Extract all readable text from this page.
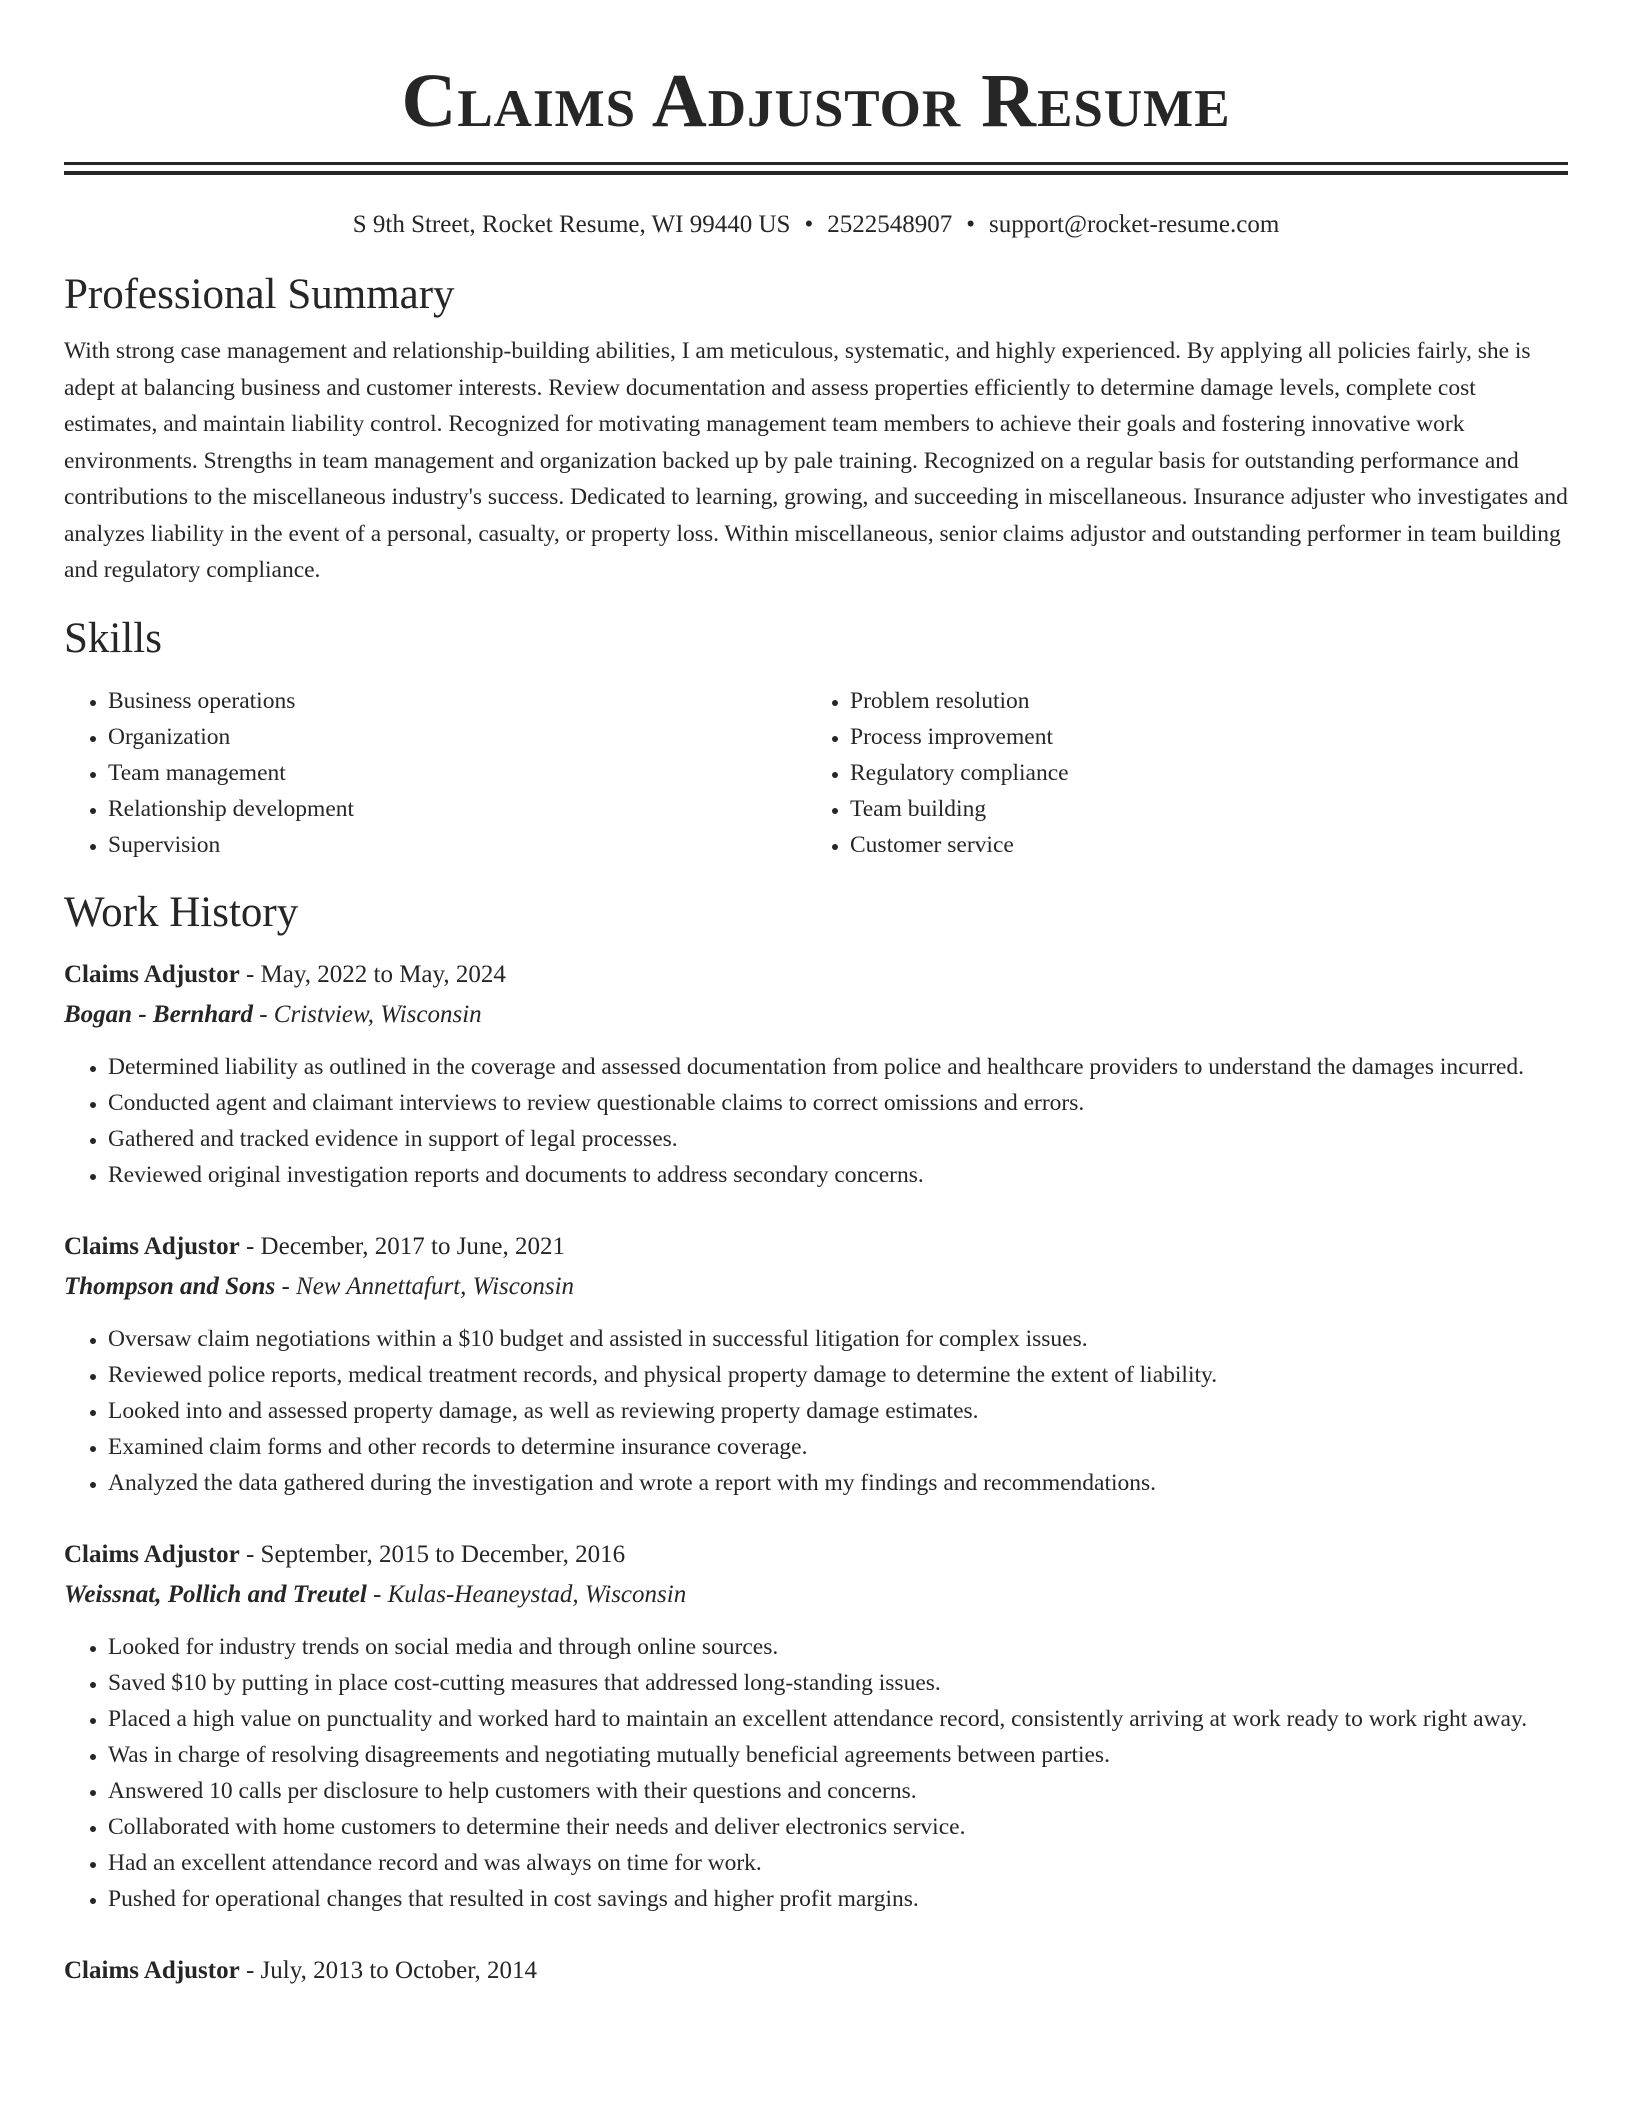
Claims Adjustor Resume
S 9th Street, Rocket Resume, WI 99440 US • 2522548907 • support@rocket-resume.com
Professional Summary

With strong case management and relationship-building abilities, I am meticulous, systematic, and highly experienced. By applying all policies fairly, she is adept at balancing business and customer interests. Review documentation and assess properties efficiently to determine damage levels, complete cost estimates, and maintain liability control. Recognized for motivating management team members to achieve their goals and fostering innovative work environments. Strengths in team management and organization backed up by pale training. Recognized on a regular basis for outstanding performance and contributions to the miscellaneous industry's success. Dedicated to learning, growing, and succeeding in miscellaneous. Insurance adjuster who investigates and analyzes liability in the event of a personal, casualty, or property loss. Within miscellaneous, senior claims adjustor and outstanding performer in team building and regulatory compliance.

Skills
• Business operations
• Organization
• Team management
• Relationship development
• Supervision
• Problem resolution
• Process improvement
• Regulatory compliance
• Team building
• Customer service
Work History
Claims Adjustor - May, 2022 to May, 2024
Bogan - Bernhard - Cristview, Wisconsin
• Determined liability as outlined in the coverage and assessed documentation from police and healthcare providers to understand the damages incurred.
• Conducted agent and claimant interviews to review questionable claims to correct omissions and errors.
• Gathered and tracked evidence in support of legal processes.
• Reviewed original investigation reports and documents to address secondary concerns.
Claims Adjustor - December, 2017 to June, 2021
Thompson and Sons - New Annettafurt, Wisconsin
• Oversaw claim negotiations within a $10 budget and assisted in successful litigation for complex issues.
• Reviewed police reports, medical treatment records, and physical property damage to determine the extent of liability.
• Looked into and assessed property damage, as well as reviewing property damage estimates.
• Examined claim forms and other records to determine insurance coverage.
• Analyzed the data gathered during the investigation and wrote a report with my findings and recommendations.
Claims Adjustor - September, 2015 to December, 2016
Weissnat, Pollich and Treutel - Kulas-Heaneystad, Wisconsin
• Looked for industry trends on social media and through online sources.
• Saved $10 by putting in place cost-cutting measures that addressed long-standing issues.
• Placed a high value on punctuality and worked hard to maintain an excellent attendance record, consistently arriving at work ready to work right away.
• Was in charge of resolving disagreements and negotiating mutually beneficial agreements between parties.
• Answered 10 calls per disclosure to help customers with their questions and concerns.
• Collaborated with home customers to determine their needs and deliver electronics service.
• Had an excellent attendance record and was always on time for work.
• Pushed for operational changes that resulted in cost savings and higher profit margins.
Claims Adjustor - July, 2013 to October, 2014
